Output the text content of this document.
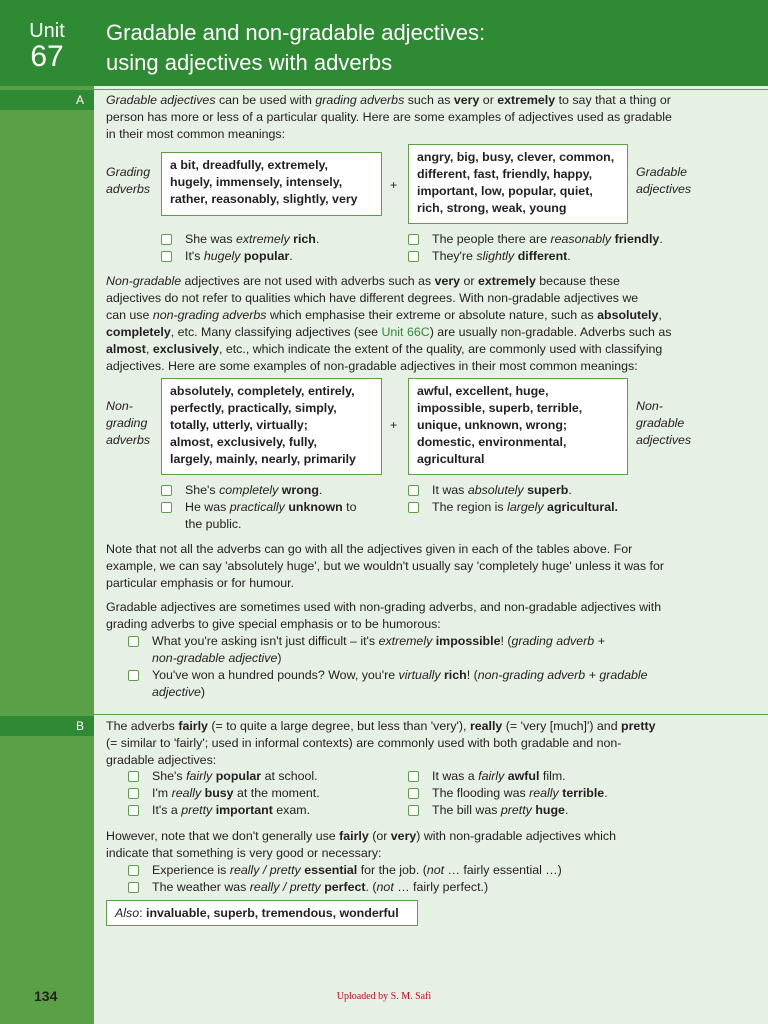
Unit
67
Gradable and non-gradable adjectives:
using adjectives with adverbs
A	Gradable adjectives can be used with grading adverbs such as very or extremely to say that a thing or
person has more or less of a particular quality. Here are some examples of adjectives used as gradable
in their most common meanings:
Grading
adverbs
a bit, dreadfully, extremely,
hugely, immensely, intensely,
rather, reasonably, slightly, very
+
angry, big, busy, clever, common,
different, fast, friendly, happy,
important, low, popular, quiet,
rich, strong, weak, young
Gradable
adjectives
She was extremely rich.
It's hugely popular.
The people there are reasonably friendly.
They're slightly different.
Non-gradable adjectives are not used with adverbs such as very or extremely because these
adjectives do not refer to qualities which have different degrees. With non-gradable adjectives we
can use non-grading adverbs which emphasise their extreme or absolute nature, such as absolutely,
completely, etc. Many classifying adjectives (see Unit 66C) are usually non-gradable. Adverbs such as
almost, exclusively, etc., which indicate the extent of the quality, are commonly used with classifying
adjectives. Here are some examples of non-gradable adjectives in their most common meanings:
Non-
grading
adverbs
absolutely, completely, entirely,
perfectly, practically, simply,
totally, utterly, virtually;
almost, exclusively, fully,
largely, mainly, nearly, primarily
+
awful, excellent, huge,
impossible, superb, terrible,
unique, unknown, wrong;
domestic, environmental,
agricultural
Non-
gradable
adjectives
She's completely wrong.
He was practically unknown to
the public.
It was absolutely superb.
The region is largely agricultural.
Note that not all the adverbs can go with all the adjectives given in each of the tables above. For
example, we can say 'absolutely huge', but we wouldn't usually say 'completely huge' unless it was for
particular emphasis or for humour.
Gradable adjectives are sometimes used with non-grading adverbs, and non-gradable adjectives with
grading adverbs to give special emphasis or to be humorous:
What you're asking isn't just difficult – it's extremely impossible! (grading adverb +
non-gradable adjective)
You've won a hundred pounds? Wow, you're virtually rich! (non-grading adverb + gradable
adjective)
B	The adverbs fairly (= to quite a large degree, but less than 'very'), really (= 'very [much]') and pretty
(= similar to 'fairly'; used in informal contexts) are commonly used with both gradable and non-
gradable adjectives:
She's fairly popular at school.
I'm really busy at the moment.
It's a pretty important exam.
It was a fairly awful film.
The flooding was really terrible.
The bill was pretty huge.
However, note that we don't generally use fairly (or very) with non-gradable adjectives which
indicate that something is very good or necessary:
Experience is really / pretty essential for the job. (not … fairly essential …)
The weather was really / pretty perfect. (not … fairly perfect.)
Also: invaluable, superb, tremendous, wonderful
134	Uploaded by S. M. Safi
